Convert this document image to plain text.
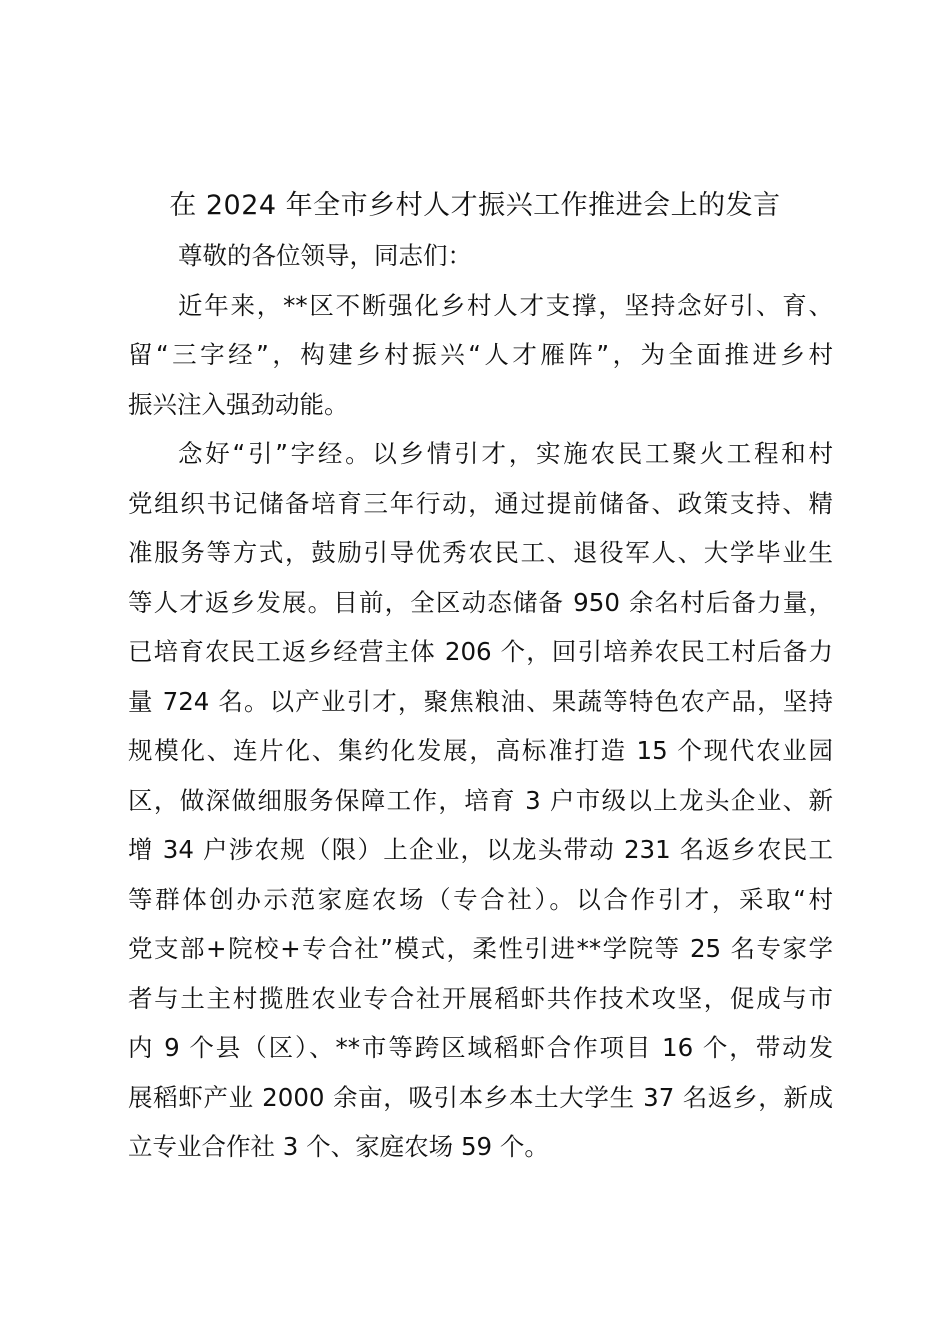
在 2024 年全市乡村人才振兴工作推进会上的发言
尊敬的各位领导，同志们：
近年来，**区不断强化乡村人才支撑，坚持念好引、育、
留“三字经”，构建乡村振兴“人才雁阵”，为全面推进乡村
振兴注入强劲动能。
念好“引”字经。以乡情引才，实施农民工聚火工程和村
党组织书记储备培育三年行动，通过提前储备、政策支持、精
准服务等方式，鼓励引导优秀农民工、退役军人、大学毕业生
等人才返乡发展。目前，全区动态储备 950 余名村后备力量，
已培育农民工返乡经营主体 206 个，回引培养农民工村后备力
量 724 名。以产业引才，聚焦粮油、果蔬等特色农产品，坚持
规模化、连片化、集约化发展，高标准打造 15 个现代农业园
区，做深做细服务保障工作，培育 3 户市级以上龙头企业、新
增 34 户涉农规（限）上企业，以龙头带动 231 名返乡农民工
等群体创办示范家庭农场（专合社）。以合作引才，采取“村
党支部+院校+专合社”模式，柔性引进**学院等 25 名专家学
者与土主村揽胜农业专合社开展稻虾共作技术攻坚，促成与市
内 9 个县（区）、**市等跨区域稻虾合作项目 16 个，带动发
展稻虾产业 2000 余亩，吸引本乡本土大学生 37 名返乡，新成
立专业合作社 3 个、家庭农场 59 个。
